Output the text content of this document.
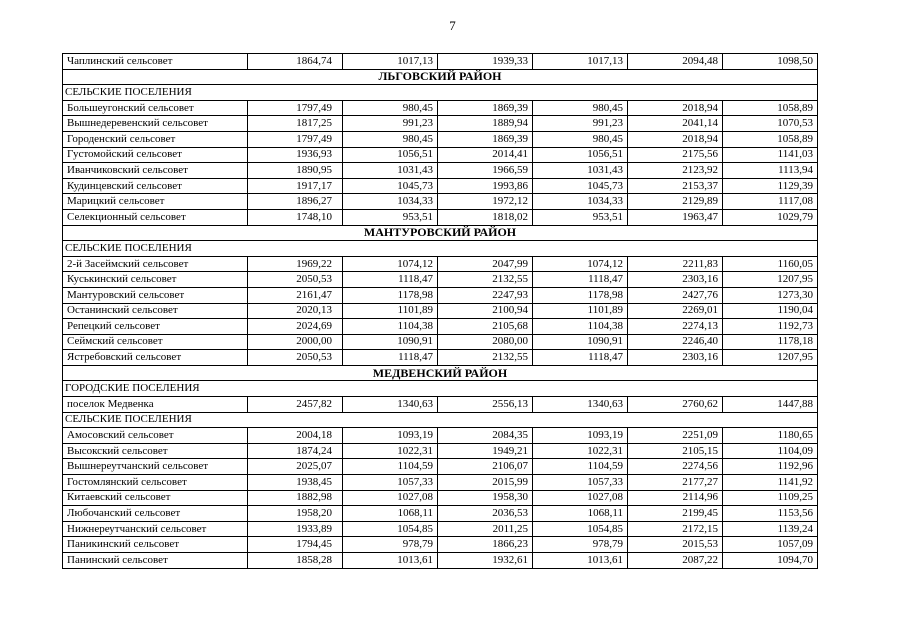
7
Чаплинский сельсовет	1864,74	1017,13	1939,33	1017,13	2094,48	1098,50
ЛЬГОВСКИЙ РАЙОН						
СЕЛЬСКИЕ ПОСЕЛЕНИЯ						
Большеугонский сельсовет	1797,49	980,45	1869,39	980,45	2018,94	1058,89
Вышнедеревенский сельсовет	1817,25	991,23	1889,94	991,23	2041,14	1070,53
Городенский сельсовет	1797,49	980,45	1869,39	980,45	2018,94	1058,89
Густомойский сельсовет	1936,93	1056,51	2014,41	1056,51	2175,56	1141,03
Иванчиковский сельсовет	1890,95	1031,43	1966,59	1031,43	2123,92	1113,94
Кудинцевский сельсовет	1917,17	1045,73	1993,86	1045,73	2153,37	1129,39
Марицкий сельсовет	1896,27	1034,33	1972,12	1034,33	2129,89	1117,08
Селекционный сельсовет	1748,10	953,51	1818,02	953,51	1963,47	1029,79
МАНТУРОВСКИЙ РАЙОН						
СЕЛЬСКИЕ ПОСЕЛЕНИЯ						
2-й Засеймский сельсовет	1969,22	1074,12	2047,99	1074,12	2211,83	1160,05
Куськинский сельсовет	2050,53	1118,47	2132,55	1118,47	2303,16	1207,95
Мантуровский сельсовет	2161,47	1178,98	2247,93	1178,98	2427,76	1273,30
Останинский сельсовет	2020,13	1101,89	2100,94	1101,89	2269,01	1190,04
Репецкий сельсовет	2024,69	1104,38	2105,68	1104,38	2274,13	1192,73
Сеймский сельсовет	2000,00	1090,91	2080,00	1090,91	2246,40	1178,18
Ястребовский сельсовет	2050,53	1118,47	2132,55	1118,47	2303,16	1207,95
МЕДВЕНСКИЙ РАЙОН						
ГОРОДСКИЕ ПОСЕЛЕНИЯ						
поселок Медвенка	2457,82	1340,63	2556,13	1340,63	2760,62	1447,88
СЕЛЬСКИЕ ПОСЕЛЕНИЯ						
Амосовский сельсовет	2004,18	1093,19	2084,35	1093,19	2251,09	1180,65
Высокский сельсовет	1874,24	1022,31	1949,21	1022,31	2105,15	1104,09
Вышнереутчанский сельсовет	2025,07	1104,59	2106,07	1104,59	2274,56	1192,96
Гостомлянский сельсовет	1938,45	1057,33	2015,99	1057,33	2177,27	1141,92
Китаевский сельсовет	1882,98	1027,08	1958,30	1027,08	2114,96	1109,25
Любочанский сельсовет	1958,20	1068,11	2036,53	1068,11	2199,45	1153,56
Нижнереутчанский сельсовет	1933,89	1054,85	2011,25	1054,85	2172,15	1139,24
Паникинский сельсовет	1794,45	978,79	1866,23	978,79	2015,53	1057,09
Панинский сельсовет	1858,28	1013,61	1932,61	1013,61	2087,22	1094,70
